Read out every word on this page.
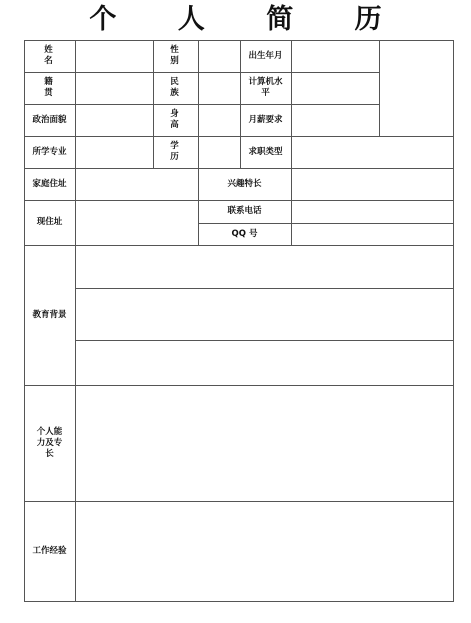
个 人 简 历
姓 名
性 别
出生年月
籍 贯
民 族
计算机水平
政治面貌
身 高
月薪要求
所学专业
学 历
求职类型
家庭住址	兴趣特长
现住址
联系电话
QQ 号
教育背景
个人能力及专长
工作经验
